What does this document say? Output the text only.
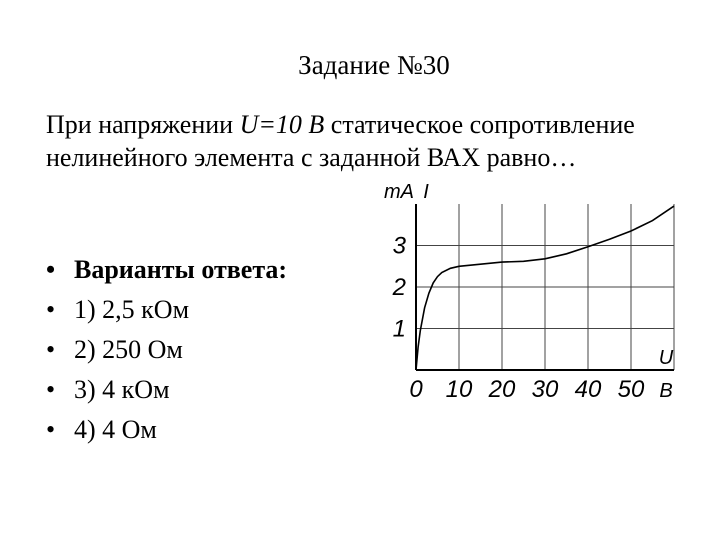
Задание №30
При напряжении U=10 В статическое сопротивление нелинейного элемента с заданной ВАХ равно…
• Варианты ответа:
• 1) 2,5 кОм
• 2) 250 Ом
• 3) 4 кОм
• 4) 4 Ом
0 10 20 30 40 50
1
2
3
mA I
U
В
